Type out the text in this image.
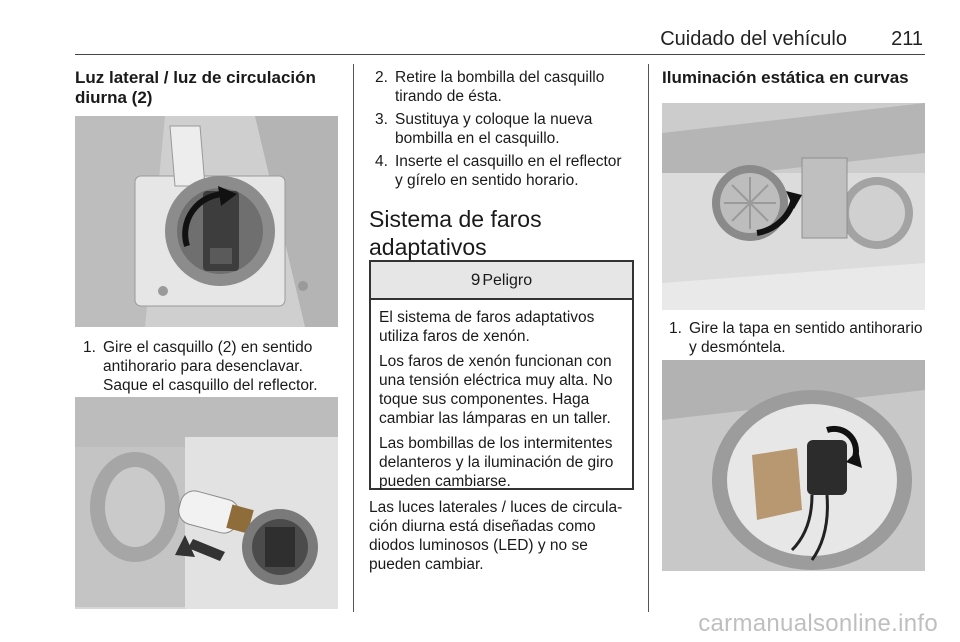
Cuidado del vehículo 211
Luz lateral / luz de circulación
diurna (2)
1. Gire el casquillo (2) en sentido
antihorario para desenclavar.
Saque el casquillo del reflector.
2. Retire la bombilla del casquillo
tirando de ésta.
3. Sustituya y coloque la nueva
bombilla en el casquillo.
4. Inserte el casquillo en el reflector
y gírelo en sentido horario.
Sistema de faros
adaptativos
9 Peligro

El sistema de faros adaptativos
utiliza faros de xenón.

Los faros de xenón funcionan con
una tensión eléctrica muy alta. No
toque sus componentes. Haga
cambiar las lámparas en un taller.

Las bombillas de los intermitentes
delanteros y la iluminación de giro
pueden cambiarse.

Las luces laterales / luces de circula-
ción diurna está diseñadas como
diodos luminosos (LED) y no se
pueden cambiar.
Iluminación estática en curvas
1. Gire la tapa en sentido antihorario
y desmóntela.
carmanualsonline.info
